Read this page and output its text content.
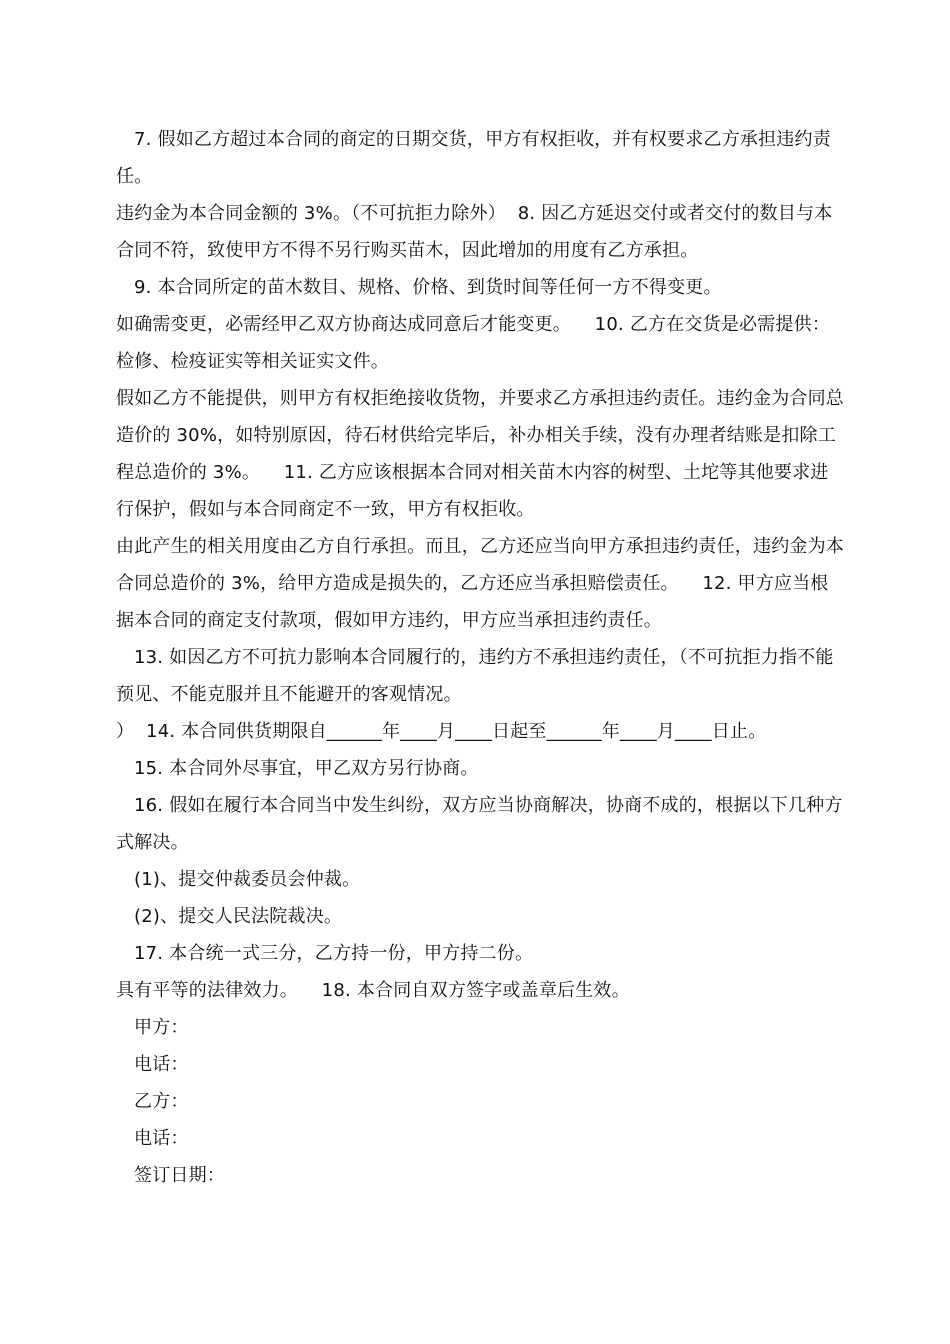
7. 假如乙方超过本合同的商定的日期交货，甲方有权拒收，并有权要求乙方承担违约责任。

违约金为本合同金额的 3%。（不可抗拒力除外）  8. 因乙方延迟交付或者交付的数目与本合同不符，致使甲方不得不另行购买苗木，因此增加的用度有乙方承担。

9. 本合同所定的苗木数目、规格、价格、到货时间等任何一方不得变更。

如确需变更，必需经甲乙双方协商达成同意后才能变更。    10. 乙方在交货是必需提供：检修、检疫证实等相关证实文件。

假如乙方不能提供，则甲方有权拒绝接收货物，并要求乙方承担违约责任。违约金为合同总造价的 30%，如特别原因，待石材供给完毕后，补办相关手续，没有办理者结账是扣除工程总造价的 3%。    11. 乙方应该根据本合同对相关苗木内容的树型、土坨等其他要求进行保护，假如与本合同商定不一致，甲方有权拒收。

由此产生的相关用度由乙方自行承担。而且，乙方还应当向甲方承担违约责任，违约金为本合同总造价的 3%，给甲方造成是损失的，乙方还应当承担赔偿责任。    12. 甲方应当根据本合同的商定支付款项，假如甲方违约，甲方应当承担违约责任。

13. 如因乙方不可抗力影响本合同履行的，违约方不承担违约责任，（不可抗拒力指不能预见、不能克服并且不能避开的客观情况。

）  14. 本合同供货期限自______年____月____日起至______年____月____日止。

15. 本合同外尽事宜，甲乙双方另行协商。

16. 假如在履行本合同当中发生纠纷，双方应当协商解决，协商不成的，根据以下几种方式解决。

(1)、提交仲裁委员会仲裁。

(2)、提交人民法院裁决。

17. 本合统一式三分，乙方持一份，甲方持二份。

具有平等的法律效力。    18. 本合同自双方签字或盖章后生效。

甲方：

电话：

乙方：

电话：

签订日期：
